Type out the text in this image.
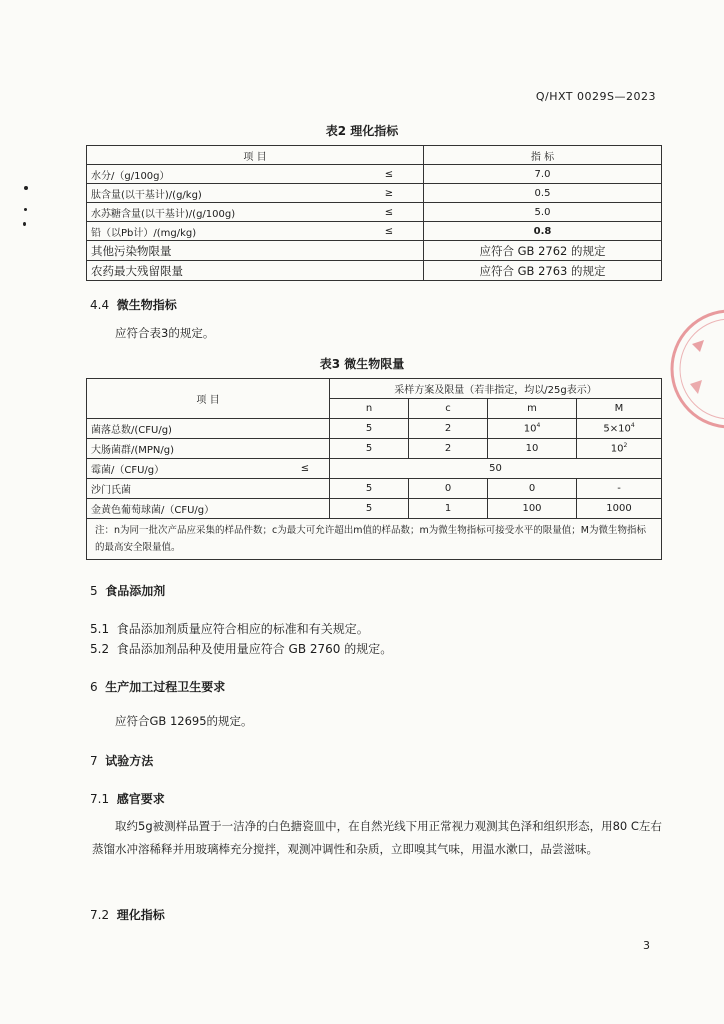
Q/HXT 0029S—2023
表2 理化指标
项 目		指 标
水分/（g/100g）	≤	7.0
肽含量(以干基计)/(g/kg)	≥	0.5
水苏糖含量(以干基计)/(g/100g)	≤	5.0
铅（以Pb计）/(mg/kg)	≤	0.8
其他污染物限量		应符合 GB 2762 的规定
农药最大残留限量		应符合 GB 2763 的规定
4.4 微生物指标
应符合表3的规定。
表3 微生物限量
项 目		采样方案及限量（若非指定，均以/25g表示）			
		n	c	m	M
菌落总数/(CFU/g)		5	2	$10^4$	$5\times 10^4$
大肠菌群/(MPN/g)		5	2	10	$10^2$
霉菌/（CFU/g）	≤	50			
沙门氏菌		5	0	0	-
金黄色葡萄球菌/（CFU/g）		5	1	100	1000
注：n为同一批次产品应采集的样品件数；c为最大可允许超出m值的样品数；m为微生物指标可接受水平的限量值；M为微生物指标的最高安全限量值。					
5 食品添加剂
5.1 食品添加剂质量应符合相应的标准和有关规定。
5.2 食品添加剂品种及使用量应符合 GB 2760 的规定。
6 生产加工过程卫生要求
应符合GB 12695的规定。
7 试验方法
7.1 感官要求
取约5g被测样品置于一洁净的白色搪瓷皿中，在自然光线下用正常视力观测其色泽和组织形态，用80 C左右蒸馏水冲溶稀释并用玻璃棒充分搅拌，观测冲调性和杂质，立即嗅其气味，用温水漱口，品尝滋味。
7.2 理化指标
3
